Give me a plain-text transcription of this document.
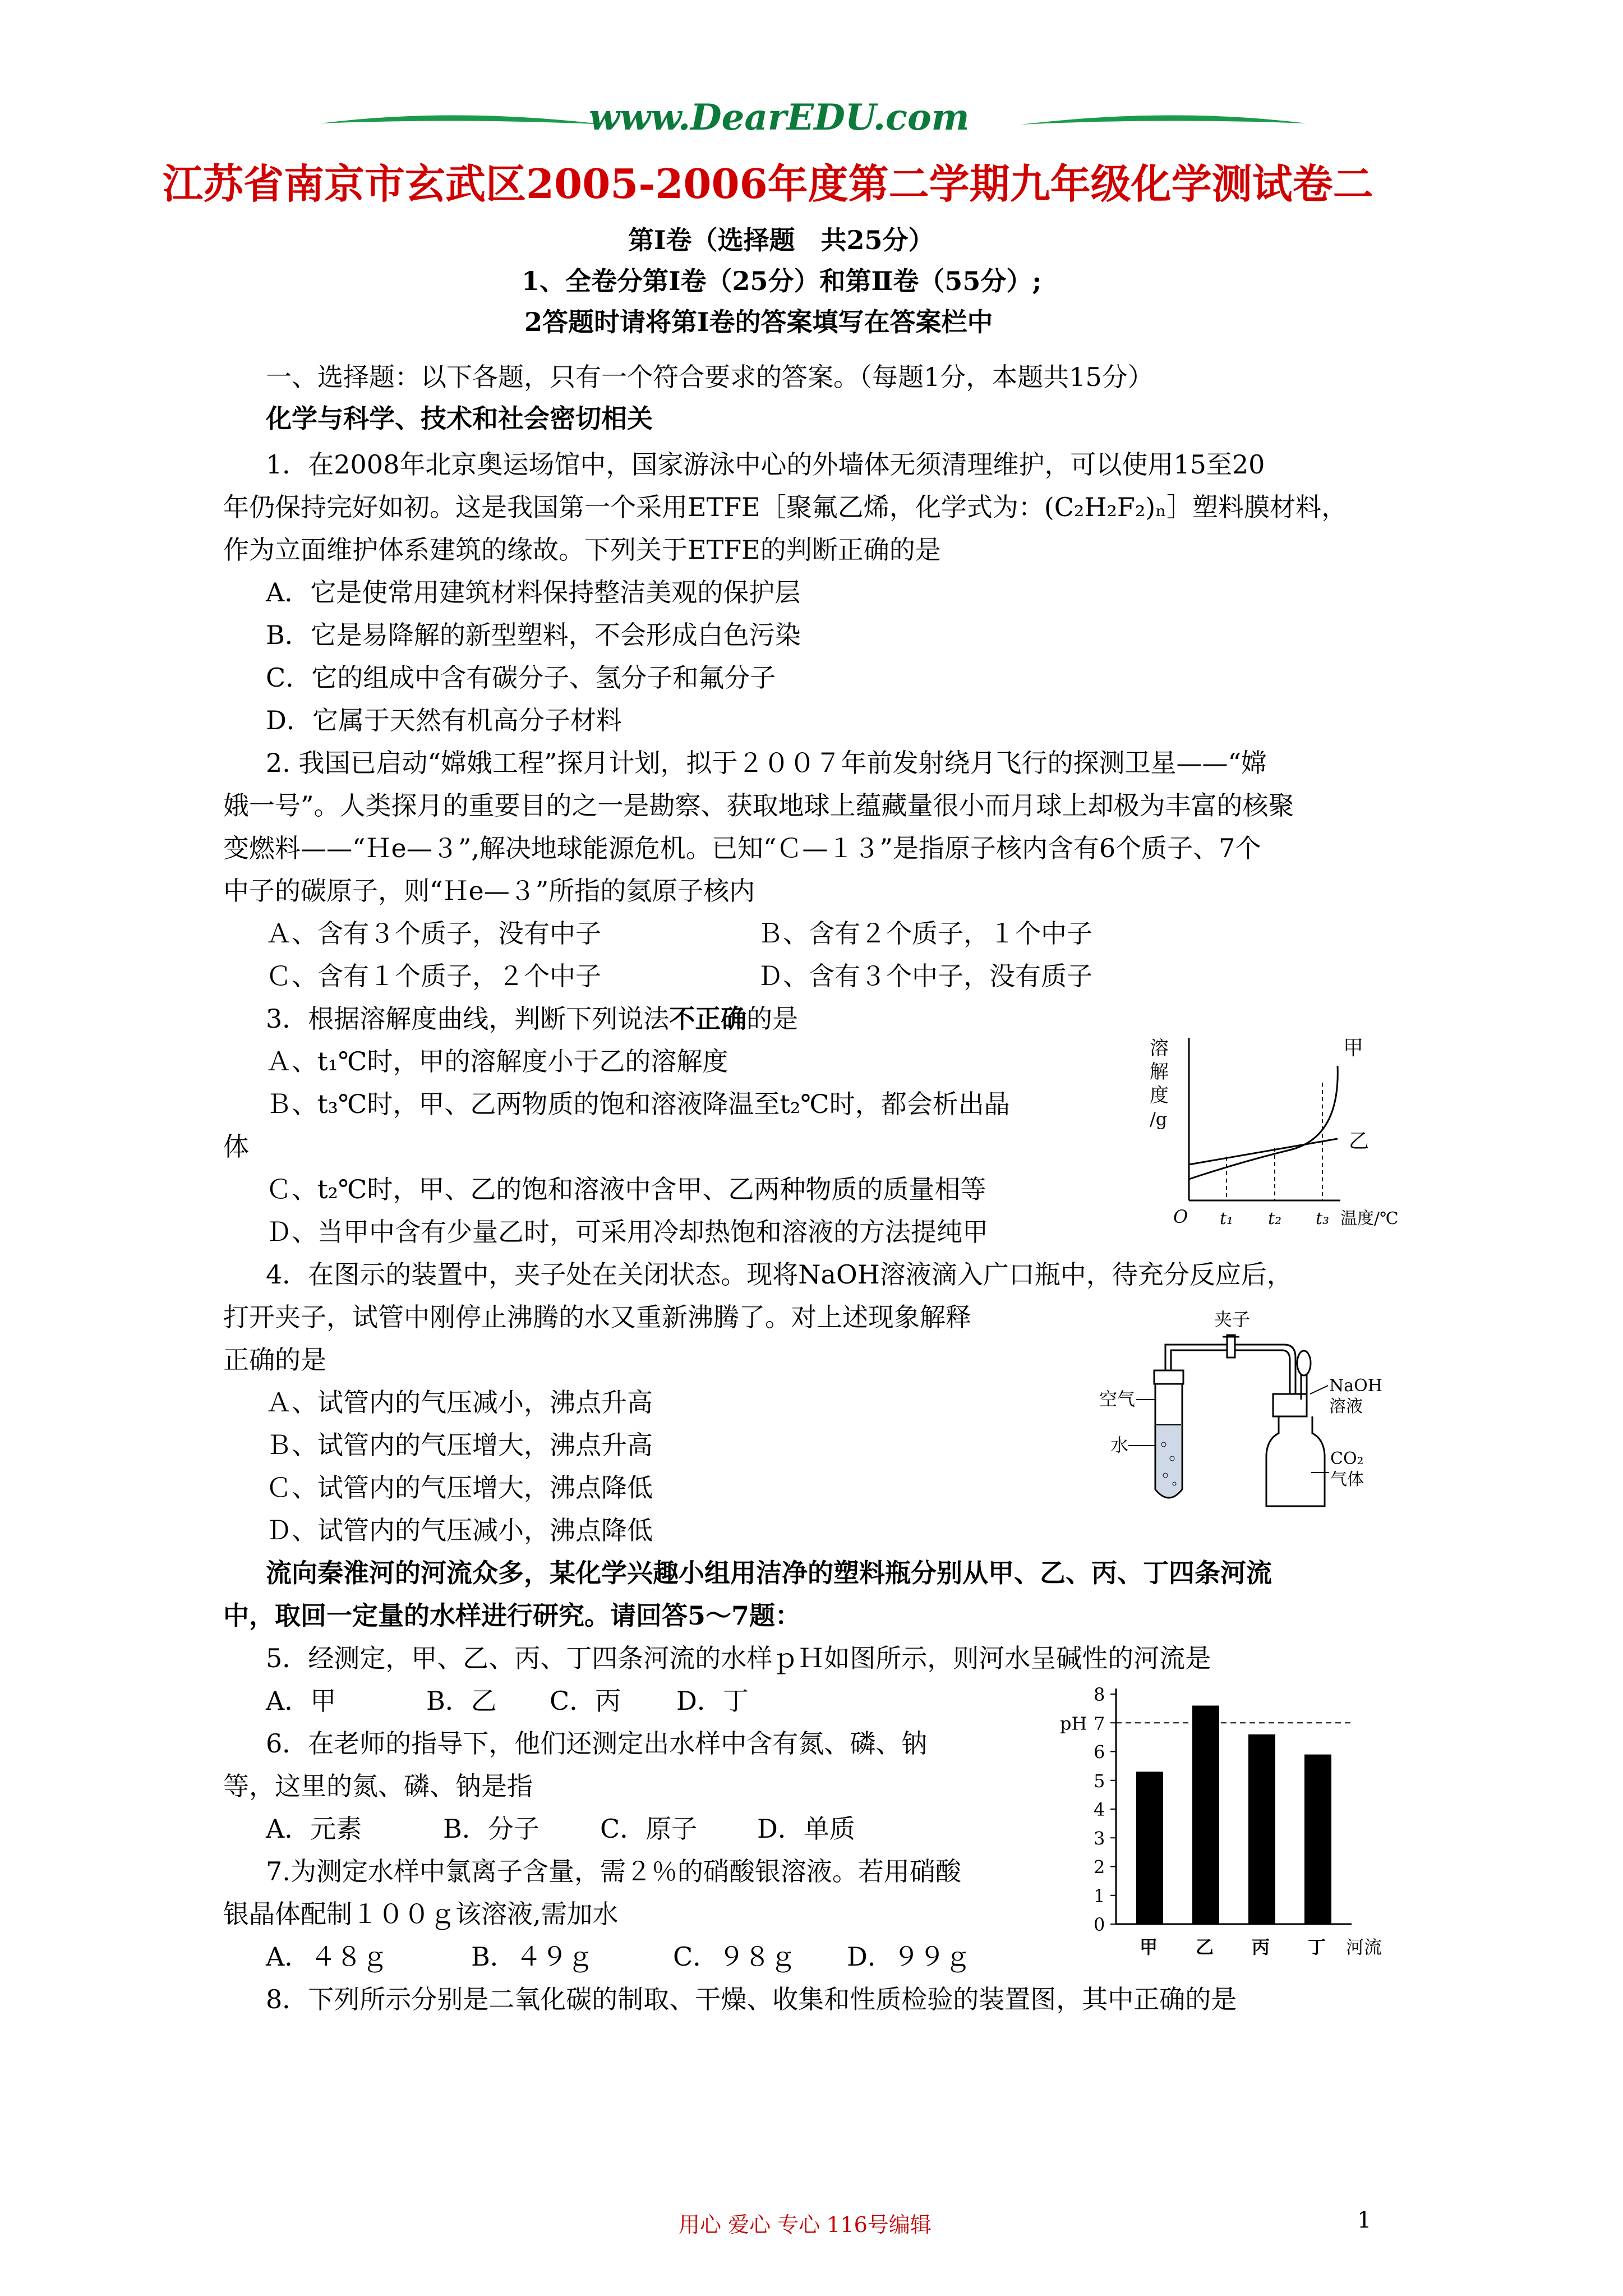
www.DearEDU.com
江苏省南京市玄武区2005-2006年度第二学期九年级化学测试卷二
第Ⅰ卷（选择题　共25分）
1、全卷分第Ⅰ卷（25分）和第Ⅱ卷（55分）;
2答题时请将第Ⅰ卷的答案填写在答案栏中
一、选择题：以下各题，只有一个符合要求的答案。（每题1分，本题共15分）
化学与科学、技术和社会密切相关
1．在2008年北京奥运场馆中，国家游泳中心的外墙体无须清理维护，可以使用15至20
年仍保持完好如初。这是我国第一个采用ETFE［聚氟乙烯，化学式为：(C₂H₂F₂)ₙ］塑料膜材料，
作为立面维护体系建筑的缘故。下列关于ETFE的判断正确的是
A．它是使常用建筑材料保持整洁美观的保护层
B．它是易降解的新型塑料，不会形成白色污染
C．它的组成中含有碳分子、氢分子和氟分子
D．它属于天然有机高分子材料
2. 我国已启动“嫦娥工程”探月计划，拟于２００７年前发射绕月飞行的探测卫星——“嫦
娥一号”。人类探月的重要目的之一是勘察、获取地球上蕴藏量很小而月球上却极为丰富的核聚
变燃料——“Ｈe—３”,解决地球能源危机。已知“Ｃ—１３”是指原子核内含有6个质子、7个
中子的碳原子，则“Ｈe—３”所指的氦原子核内
Ａ、含有３个质子，没有中子	Ｂ、含有２个质子，１个中子
Ｃ、含有１个质子，２个中子	Ｄ、含有３个中子，没有质子
3．根据溶解度曲线，判断下列说法不正确的是
Ａ、t₁℃时，甲的溶解度小于乙的溶解度
Ｂ、t₃℃时，甲、乙两物质的饱和溶液降温至t₂℃时，都会析出晶
体
Ｃ、t₂℃时，甲、乙的饱和溶液中含甲、乙两种物质的质量相等
Ｄ、当甲中含有少量乙时，可采用冷却热饱和溶液的方法提纯甲
溶
解
度
/g
甲
乙
O t₁ t₂ t₃ 温度/℃
4．在图示的装置中，夹子处在关闭状态。现将NaOH溶液滴入广口瓶中，待充分反应后，
打开夹子，试管中刚停止沸腾的水又重新沸腾了。对上述现象解释
正确的是
Ａ、试管内的气压减小，沸点升高
Ｂ、试管内的气压增大，沸点升高
Ｃ、试管内的气压增大，沸点降低
Ｄ、试管内的气压减小，沸点降低
夹子
空气
水
NaOH
溶液
CO₂
气体
流向秦淮河的河流众多，某化学兴趣小组用洁净的塑料瓶分别从甲、乙、丙、丁四条河流
中，取回一定量的水样进行研究。请回答5～7题：
5．经测定，甲、乙、丙、丁四条河流的水样ｐＨ如图所示，则河水呈碱性的河流是
A．甲	B．乙 C．丙 D．丁
6．在老师的指导下，他们还测定出水样中含有氮、磷、钠
等，这里的氮、磷、钠是指
A．元素	B．分子 C．原子 D．单质
7.为测定水样中氯离子含量，需２％的硝酸银溶液。若用硝酸
银晶体配制１００ｇ该溶液,需加水
A．４８ｇ	B．４９ｇ	C．９８ｇ D．９９ｇ
8．下列所示分别是二氧化碳的制取、干燥、收集和性质检验的装置图，其中正确的是
0
1
2
3
4
5
6
7
8
pH
甲 乙 丙 丁 河流
用心 爱心 专心 116号编辑	1
